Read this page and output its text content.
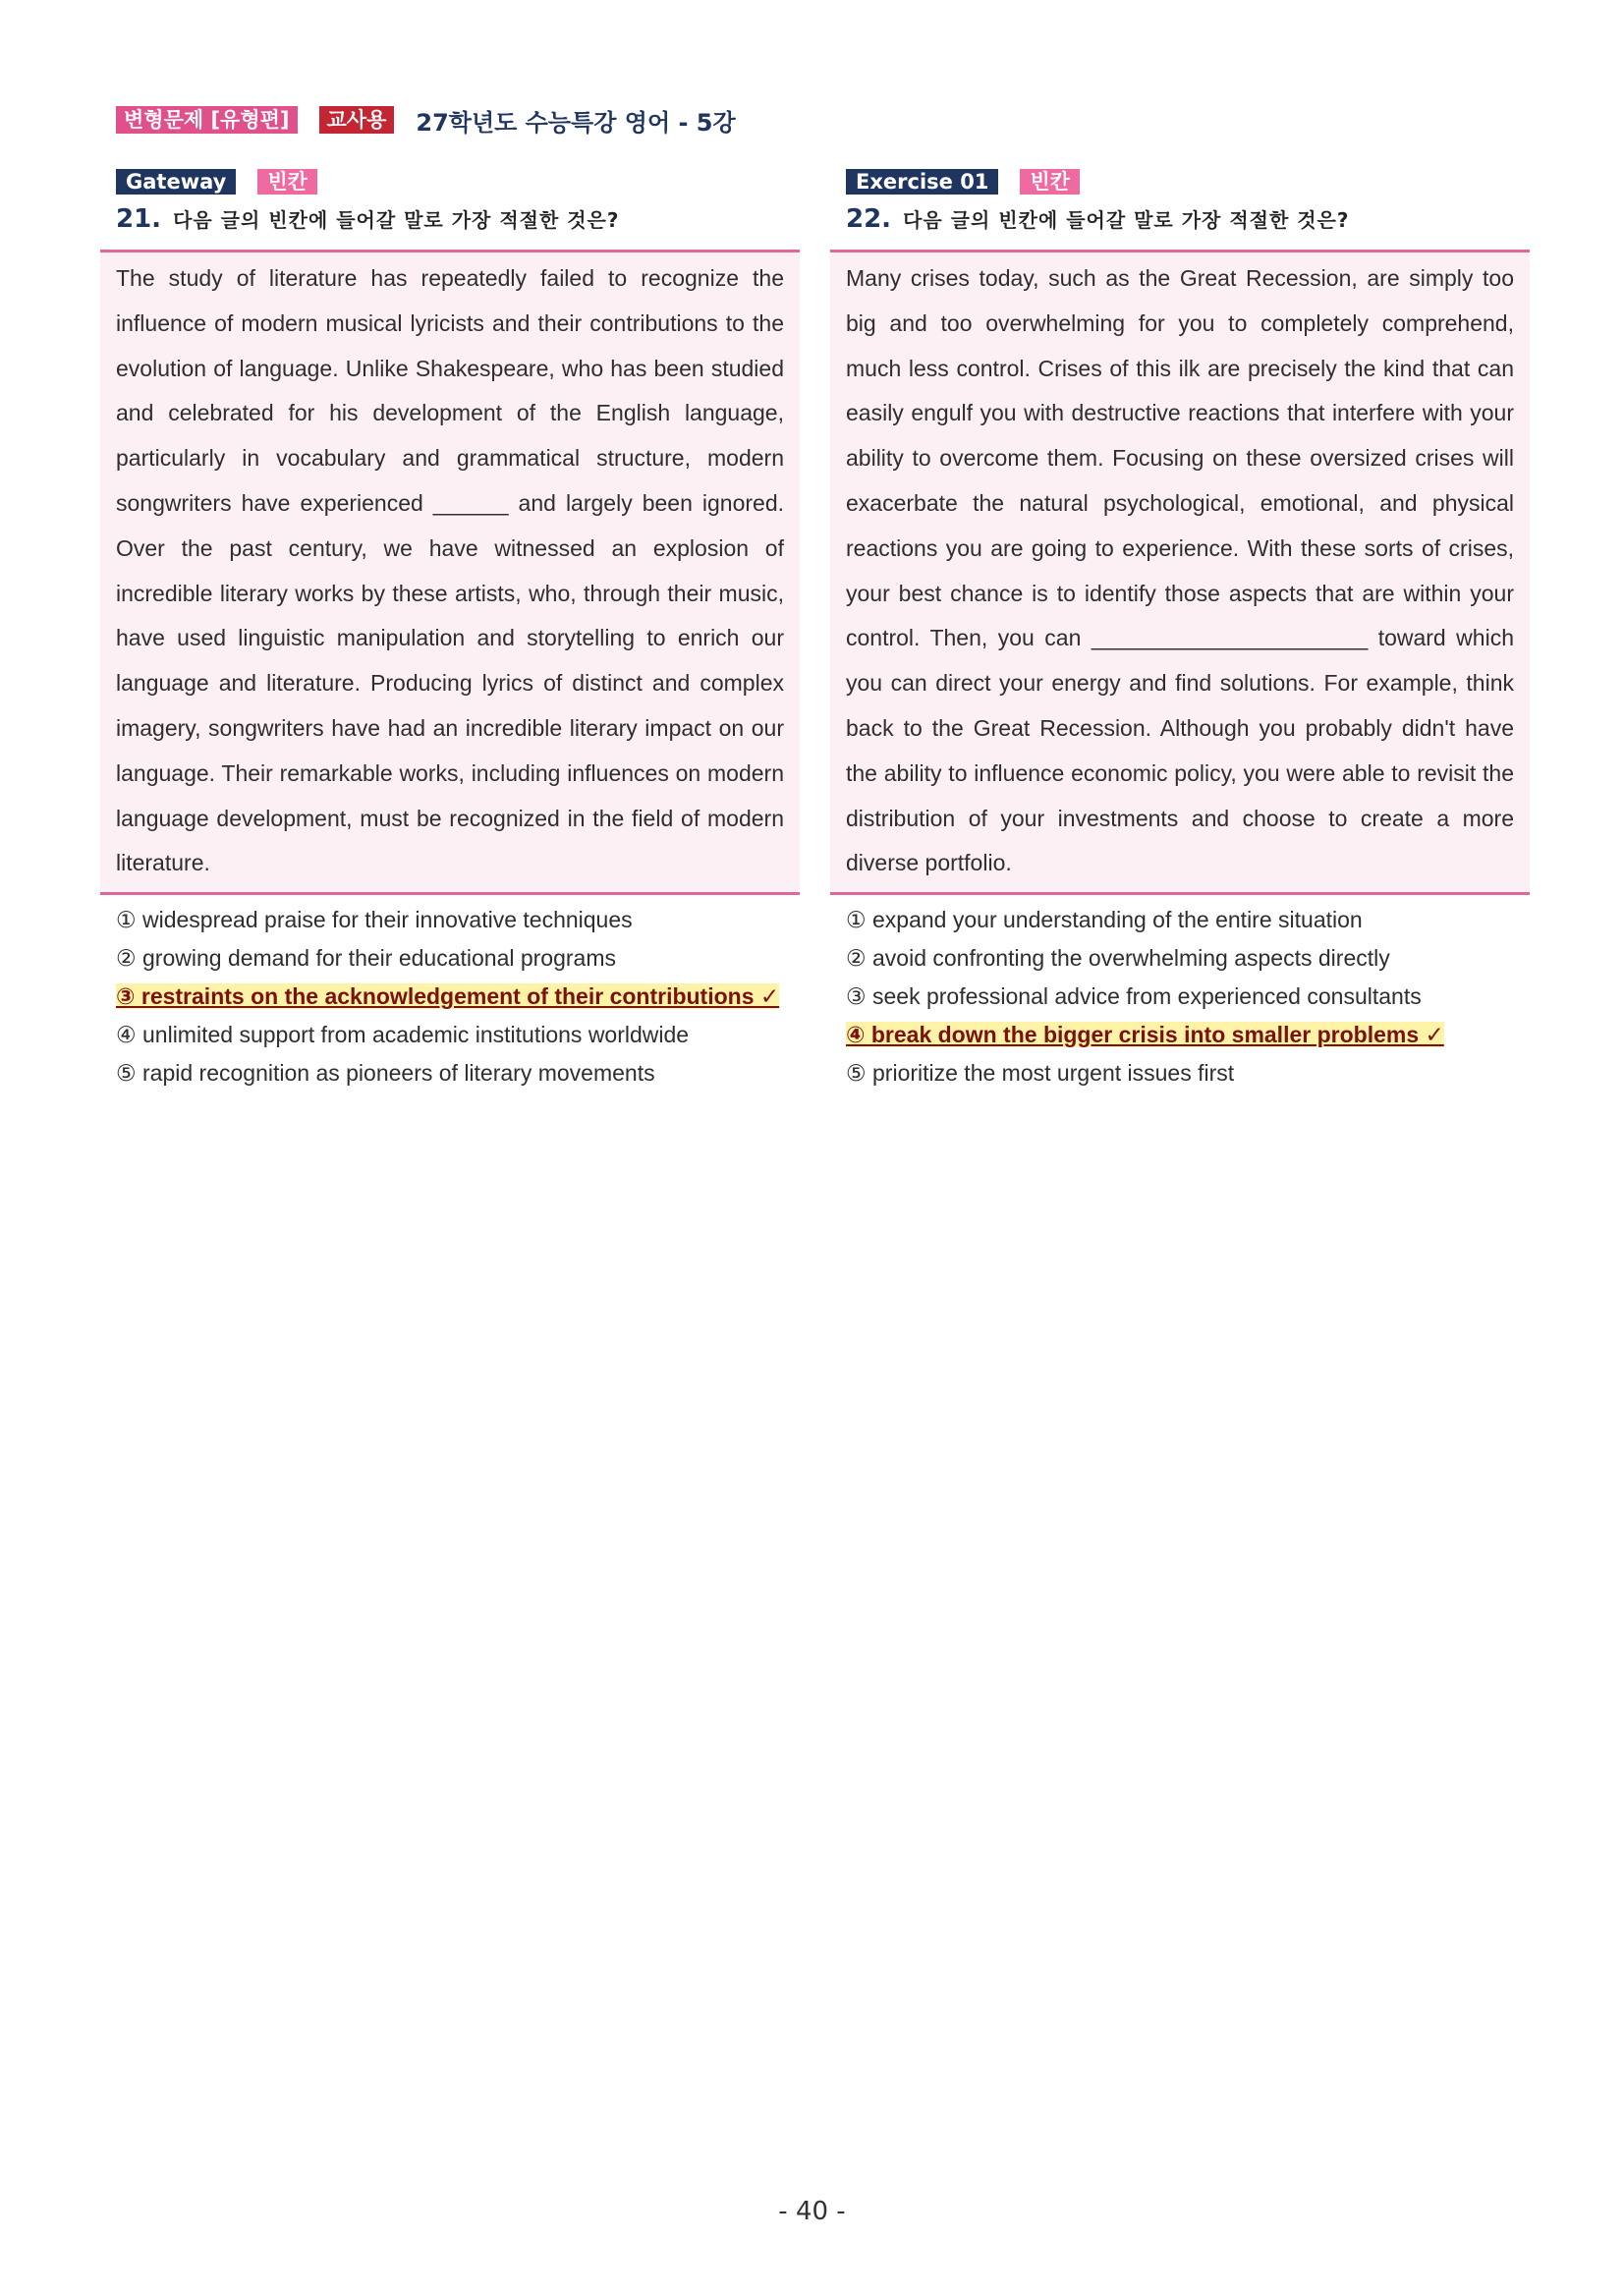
변형문제 [유형편]	교사용	27학년도 수능특강 영어 - 5강
Gateway	빈칸
21. 다음 글의 빈칸에 들어갈 말로 가장 적절한 것은?

The study of literature has repeatedly failed to recognize the influence of modern musical lyricists and their contributions to the evolution of language. Unlike Shakespeare, who has been studied and celebrated for his development of the English language, particularly in vocabulary and grammatical structure, modern songwriters have experienced ______ and largely been ignored. Over the past century, we have witnessed an explosion of incredible literary works by these artists, who, through their music, have used linguistic manipulation and storytelling to enrich our language and literature. Producing lyrics of distinct and complex imagery, songwriters have had an incredible literary impact on our language. Their remarkable works, including influences on modern language development, must be recognized in the field of modern literature.

① widespread praise for their innovative techniques
② growing demand for their educational programs
③ restraints on the acknowledgement of their contributions ✓
④ unlimited support from academic institutions worldwide
⑤ rapid recognition as pioneers of literary movements
Exercise 01	빈칸
22. 다음 글의 빈칸에 들어갈 말로 가장 적절한 것은?

Many crises today, such as the Great Recession, are simply too big and too overwhelming for you to completely comprehend, much less control. Crises of this ilk are precisely the kind that can easily engulf you with destructive reactions that interfere with your ability to overcome them. Focusing on these oversized crises will exacerbate the natural psychological, emotional, and physical reactions you are going to experience. With these sorts of crises, your best chance is to identify those aspects that are within your control. Then, you can ______________________ toward which you can direct your energy and find solutions. For example, think back to the Great Recession. Although you probably didn't have the ability to influence economic policy, you were able to revisit the distribution of your investments and choose to create a more diverse portfolio.

① expand your understanding of the entire situation
② avoid confronting the overwhelming aspects directly
③ seek professional advice from experienced consultants
④ break down the bigger crisis into smaller problems ✓
⑤ prioritize the most urgent issues first
- 40 -
